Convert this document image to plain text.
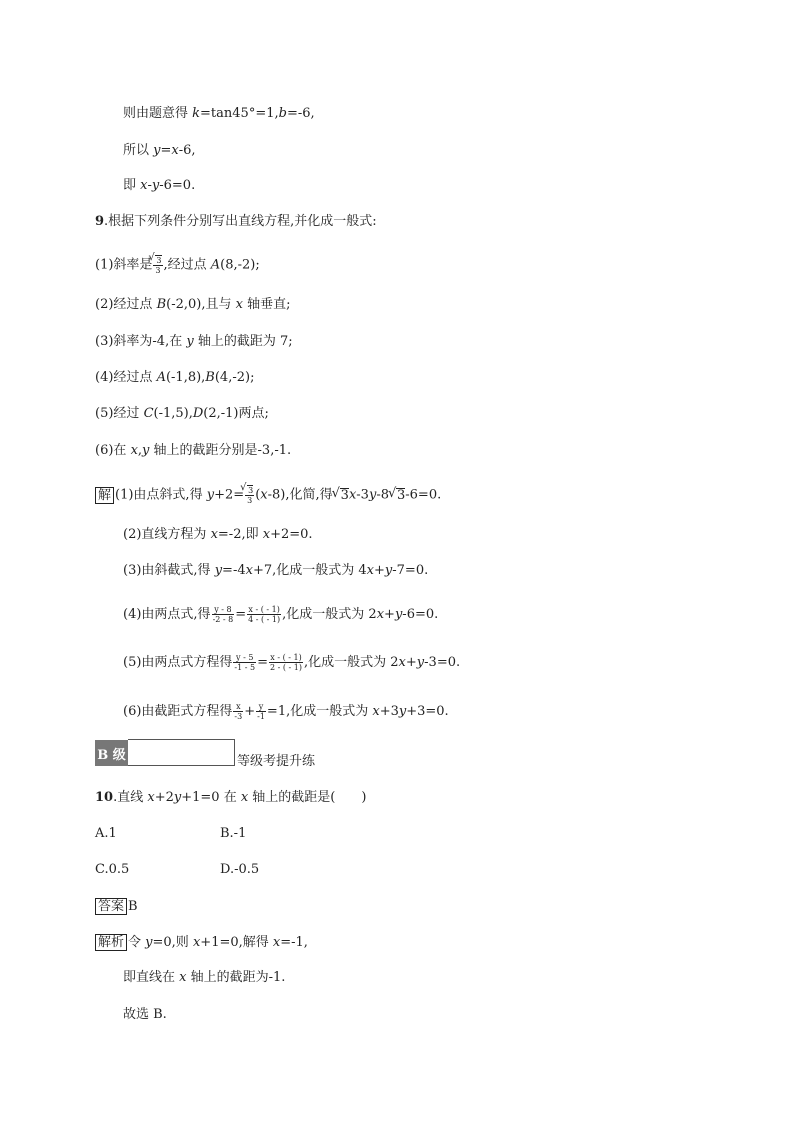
则由题意得 k=tan45°=1,b=-6,
所以 y=x-6,
即 x-y-6=0.
9.根据下列条件分别写出直线方程,并化成一般式:
(1)斜率是 √ $\frac{3}{3}$ ,经过点 A(8,-2);
(2)经过点 B(-2,0),且与 x 轴垂直;
(3)斜率为-4,在 y 轴上的截距为 7;
(4)经过点 A(-1,8),B(4,-2);
(5)经过 C(-1,5),D(2,-1)两点;
(6)在 x,y 轴上的截距分别是-3,-1.
解 (1)由点斜式,得 y+2= √ $\frac{3}{3} (x-8)$,化简,得 √ 3x-3y-8 √ 3-6=0.
(2)直线方程为 x=-2,即 x+2=0.
(3)由斜截式,得 y=-4x+7,化成一般式为 4x+y-7=0.
(4)由两点式,得 $\frac{y - 8}{-2 - 8} = \frac{x - ( - 1)}{4 - ( - 1)}$ ,化成一般式为 2x+y-6=0.
(5)由两点式方程得 $\frac{y - 5}{-1 - 5} = \frac{x - ( - 1)}{2 - ( - 1)}$ ,化成一般式为 2x+y-3=0.
(6)由截距式方程得 $\frac{x}{-3} + \frac{y}{-1} =1$,化成一般式为 x+3y+3=0.
B 级	等级考提升练
10.直线 x+2y+1=0 在 x 轴上的截距是(　　)
A.1	B.-1
C.0.5	D.-0.5
答案 B
解析 令 y=0,则 x+1=0,解得 x=-1,
即直线在 x 轴上的截距为-1.
故选 B.
